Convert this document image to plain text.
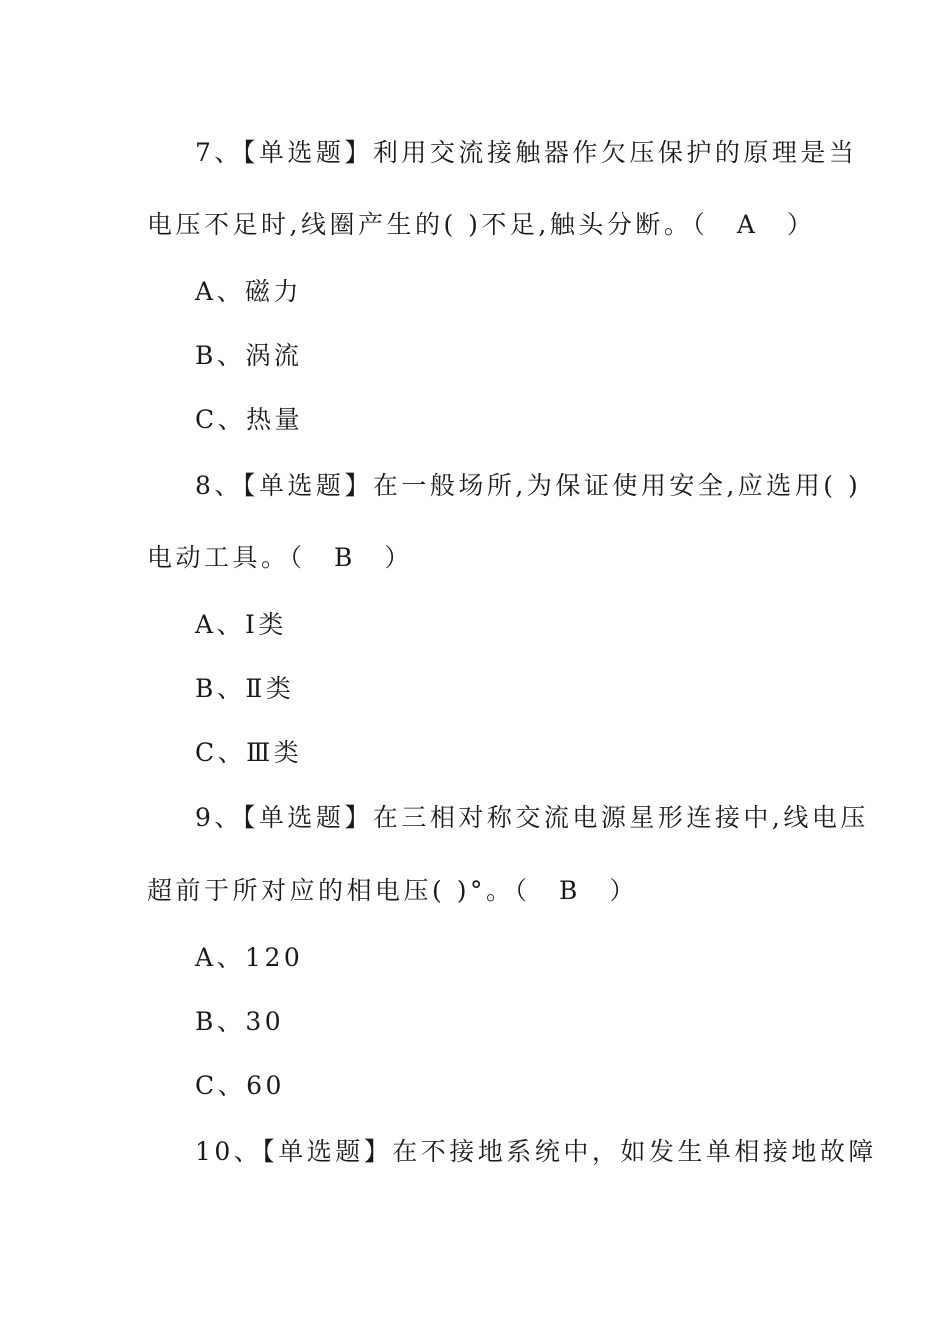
7、【单选题】利用交流接触器作欠压保护的原理是当
电压不足时,线圈产生的( )不足,触头分断。（　A　）
A、磁力
B、涡流
C、热量
8、【单选题】在一般场所,为保证使用安全,应选用( )
电动工具。（　B　）
A、Ⅰ类
B、Ⅱ类
C、Ⅲ类
9、【单选题】在三相对称交流电源星形连接中,线电压
超前于所对应的相电压( )°。（　B　）
A、120
B、30
C、60
10、【单选题】在不接地系统中，如发生单相接地故障
